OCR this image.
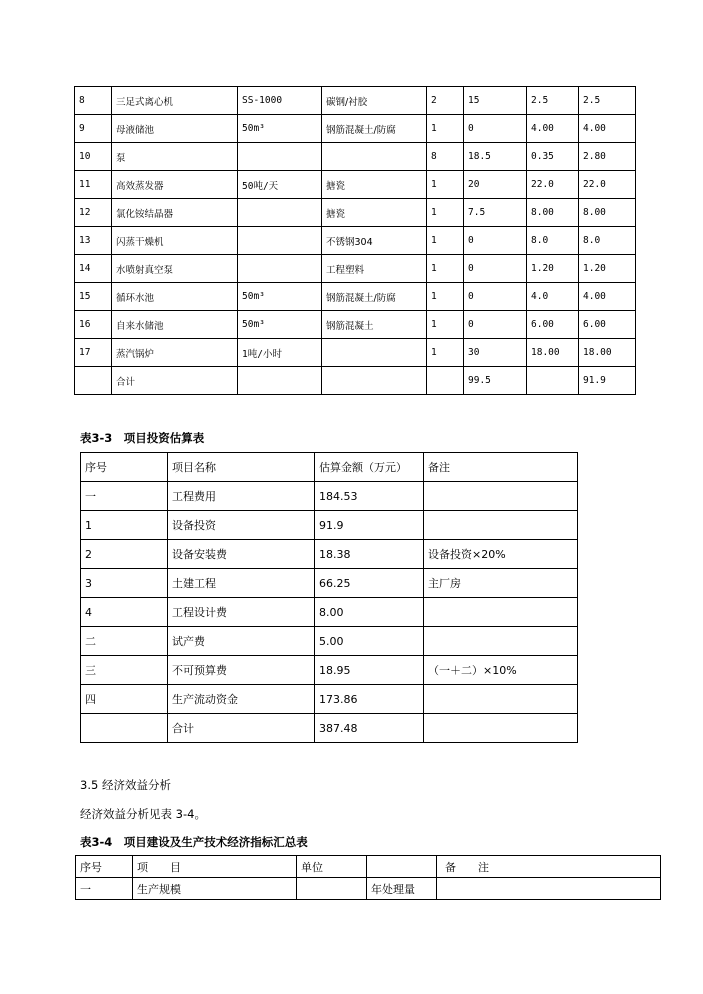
8	三足式离心机	SS-1000	碳钢/衬胶	2	15	2.5	2.5
9	母液储池	50m³	钢筋混凝土/防腐	1	0	4.00	4.00
10	泵			8	18.5	0.35	2.80
11	高效蒸发器	50吨/天	搪瓷	1	20	22.0	22.0
12	氯化铵结晶器		搪瓷	1	7.5	8.00	8.00
13	闪蒸干燥机		不锈钢304	1	0	8.0	8.0
14	水喷射真空泵		工程塑料	1	0	1.20	1.20
15	循环水池	50m³	钢筋混凝土/防腐	1	0	4.0	4.00
16	自来水储池	50m³	钢筋混凝土	1	0	6.00	6.00
17	蒸汽锅炉	1吨/小时		1	30	18.00	18.00
	合计				99.5		91.9
表3-3　项目投资估算表
序号	项目名称	估算金额（万元）	备注
一	工程费用	184.53	
1	设备投资	91.9	
2	设备安装费	18.38	设备投资×20%
3	土建工程	66.25	主厂房
4	工程设计费	8.00	
二	试产费	5.00	
三	不可预算费	18.95	（一＋二）×10%
四	生产流动资金	173.86	
	合计	387.48	
3.5 经济效益分析
经济效益分析见表 3-4。
表3-4　项目建设及生产技术经济指标汇总表
序号	项　　目	单位		备　　注
一	生产规模		年处理量	
